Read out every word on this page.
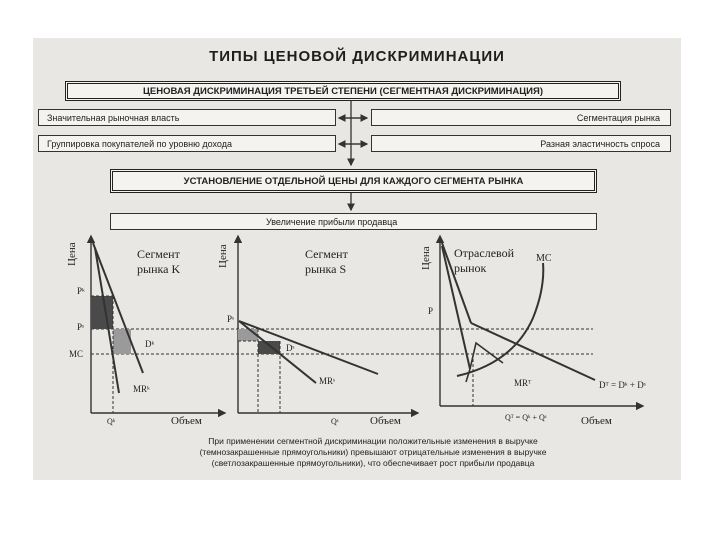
ТИПЫ ЦЕНОВОЙ ДИСКРИМИНАЦИИ
ЦЕНОВАЯ ДИСКРИМИНАЦИЯ ТРЕТЬЕЙ СТЕПЕНИ (СЕГМЕНТНАЯ ДИСКРИМИНАЦИЯ)
Значительная рыночная власть
Группировка покупателей по уровню дохода
Сегментация рынка
Разная эластичность спроса
УСТАНОВЛЕНИЕ ОТДЕЛЬНОЙ ЦЕНЫ ДЛЯ КАЖДОГО СЕГМЕНТА РЫНКА
Увеличение прибыли продавца
Цена	Сегмент
рынка K
Pᵏ
Pˢ
MC
Dᵏ
MRᵏ
Qᵏ	Объем
Цена	Сегмент
рынка S
Pˢ
Dˢ
MRˢ
Qˢ	Объем
Цена Отраслевой
рынок
MC
P
MRᵀ	Dᵀ = Dᵏ + Dˢ
Qᵀ = Qᵏ + Qˢ	Объем
При применении сегментной дискриминации положительные изменения в выручке
(темнозакрашенные прямоугольники) превышают отрицательные изменения в выручке
(светлозакрашенные прямоугольники), что обеспечивает рост прибыли продавца
